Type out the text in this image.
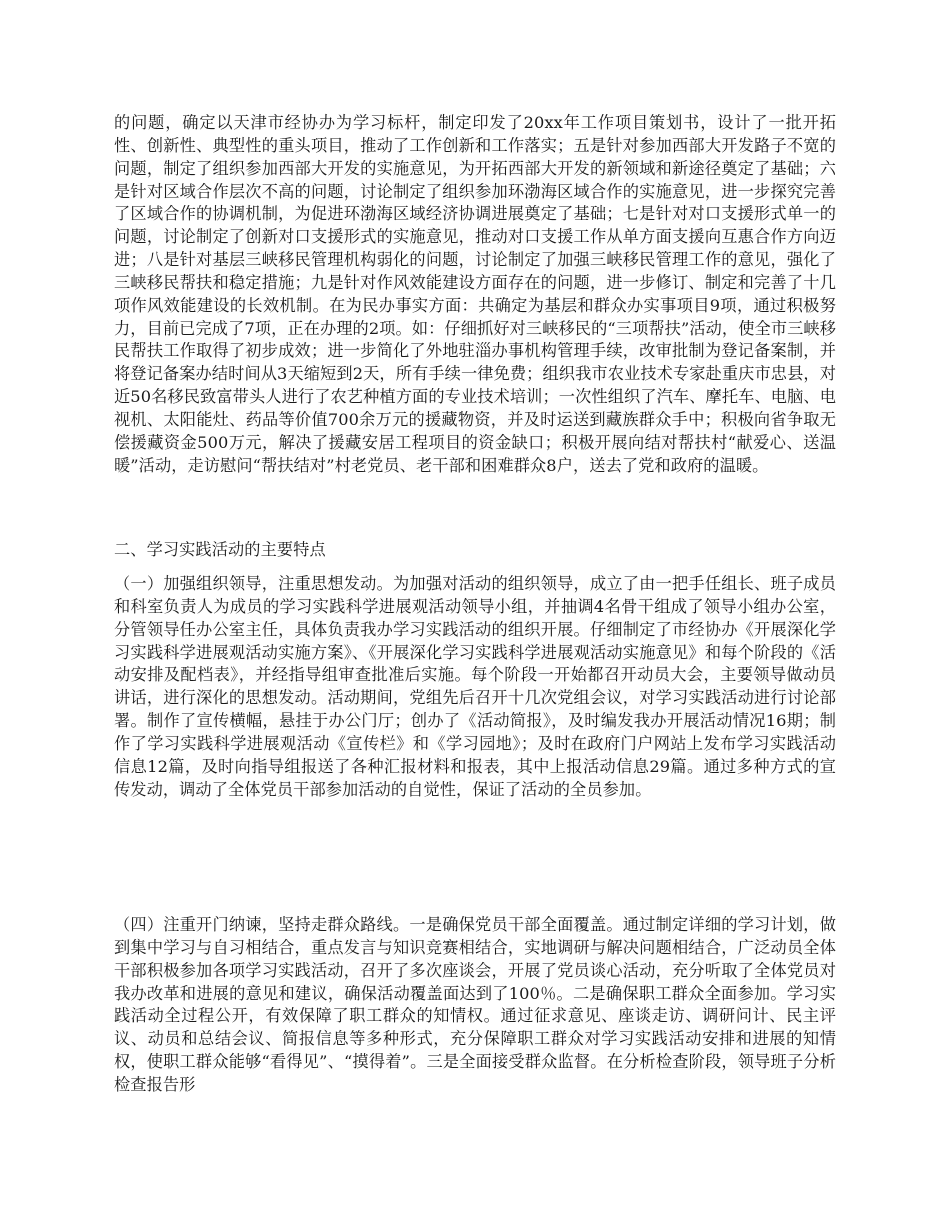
的问题，确定以天津市经协办为学习标杆，制定印发了20xx年工作项目策划书，设计了一批开拓性、创新性、典型性的重头项目，推动了工作创新和工作落实；五是针对参加西部大开发路子不宽的问题，制定了组织参加西部大开发的实施意见，为开拓西部大开发的新领域和新途径奠定了基础；六是针对区域合作层次不高的问题，讨论制定了组织参加环渤海区域合作的实施意见，进一步探究完善了区域合作的协调机制，为促进环渤海区域经济协调进展奠定了基础；七是针对对口支援形式单一的问题，讨论制定了创新对口支援形式的实施意见，推动对口支援工作从单方面支援向互惠合作方向迈进；八是针对基层三峡移民管理机构弱化的问题，讨论制定了加强三峡移民管理工作的意见，强化了三峡移民帮扶和稳定措施；九是针对作风效能建设方面存在的问题，进一步修订、制定和完善了十几项作风效能建设的长效机制。在为民办事实方面：共确定为基层和群众办实事项目9项，通过积极努力，目前已完成了7项，正在办理的2项。如：仔细抓好对三峡移民的“三项帮扶”活动，使全市三峡移民帮扶工作取得了初步成效；进一步简化了外地驻淄办事机构管理手续，改审批制为登记备案制，并将登记备案办结时间从3天缩短到2天，所有手续一律免费；组织我市农业技术专家赴重庆市忠县，对近50名移民致富带头人进行了农艺种植方面的专业技术培训；一次性组织了汽车、摩托车、电脑、电视机、太阳能灶、药品等价值700余万元的援藏物资，并及时运送到藏族群众手中；积极向省争取无偿援藏资金500万元，解决了援藏安居工程项目的资金缺口；积极开展向结对帮扶村“献爱心、送温暖”活动，走访慰问“帮扶结对”村老党员、老干部和困难群众8户，送去了党和政府的温暖。

二、学习实践活动的主要特点

（一）加强组织领导，注重思想发动。为加强对活动的组织领导，成立了由一把手任组长、班子成员和科室负责人为成员的学习实践科学进展观活动领导小组，并抽调4名骨干组成了领导小组办公室，分管领导任办公室主任，具体负责我办学习实践活动的组织开展。仔细制定了市经协办《开展深化学习实践科学进展观活动实施方案》、《开展深化学习实践科学进展观活动实施意见》和每个阶段的《活动安排及配档表》，并经指导组审查批准后实施。每个阶段一开始都召开动员大会，主要领导做动员讲话，进行深化的思想发动。活动期间，党组先后召开十几次党组会议，对学习实践活动进行讨论部署。制作了宣传横幅，悬挂于办公门厅；创办了《活动简报》，及时编发我办开展活动情况16期；制作了学习实践科学进展观活动《宣传栏》和《学习园地》；及时在政府门户网站上发布学习实践活动信息12篇，及时向指导组报送了各种汇报材料和报表，其中上报活动信息29篇。通过多种方式的宣传发动，调动了全体党员干部参加活动的自觉性，保证了活动的全员参加。

（四）注重开门纳谏，坚持走群众路线。一是确保党员干部全面覆盖。通过制定详细的学习计划，做到集中学习与自习相结合，重点发言与知识竞赛相结合，实地调研与解决问题相结合，广泛动员全体干部积极参加各项学习实践活动，召开了多次座谈会，开展了党员谈心活动，充分听取了全体党员对我办改革和进展的意见和建议，确保活动覆盖面达到了100％。二是确保职工群众全面参加。学习实践活动全过程公开，有效保障了职工群众的知情权。通过征求意见、座谈走访、调研问计、民主评议、动员和总结会议、简报信息等多种形式，充分保障职工群众对学习实践活动安排和进展的知情权，使职工群众能够“看得见”、“摸得着”。三是全面接受群众监督。在分析检查阶段，领导班子分析检查报告形
